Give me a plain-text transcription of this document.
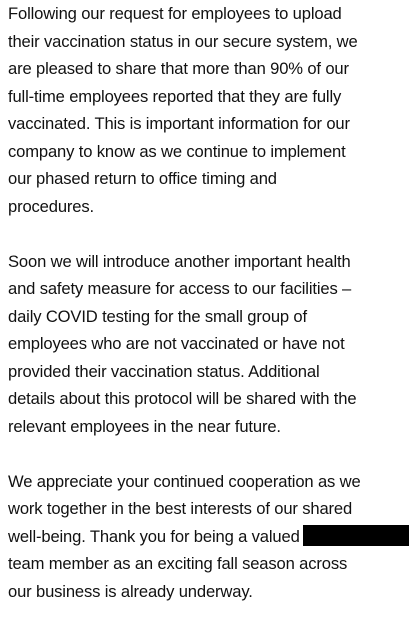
Following our request for employees to upload
their vaccination status in our secure system, we
are pleased to share that more than 90% of our
full-time employees reported that they are fully
vaccinated. This is important information for our
company to know as we continue to implement
our phased return to office timing and
procedures.
Soon we will introduce another important health
and safety measure for access to our facilities –
daily COVID testing for the small group of
employees who are not vaccinated or have not
provided their vaccination status. Additional
details about this protocol will be shared with the
relevant employees in the near future.
We appreciate your continued cooperation as we
work together in the best interests of our shared
well-being. Thank you for being a valued
team member as an exciting fall season across
our business is already underway.
